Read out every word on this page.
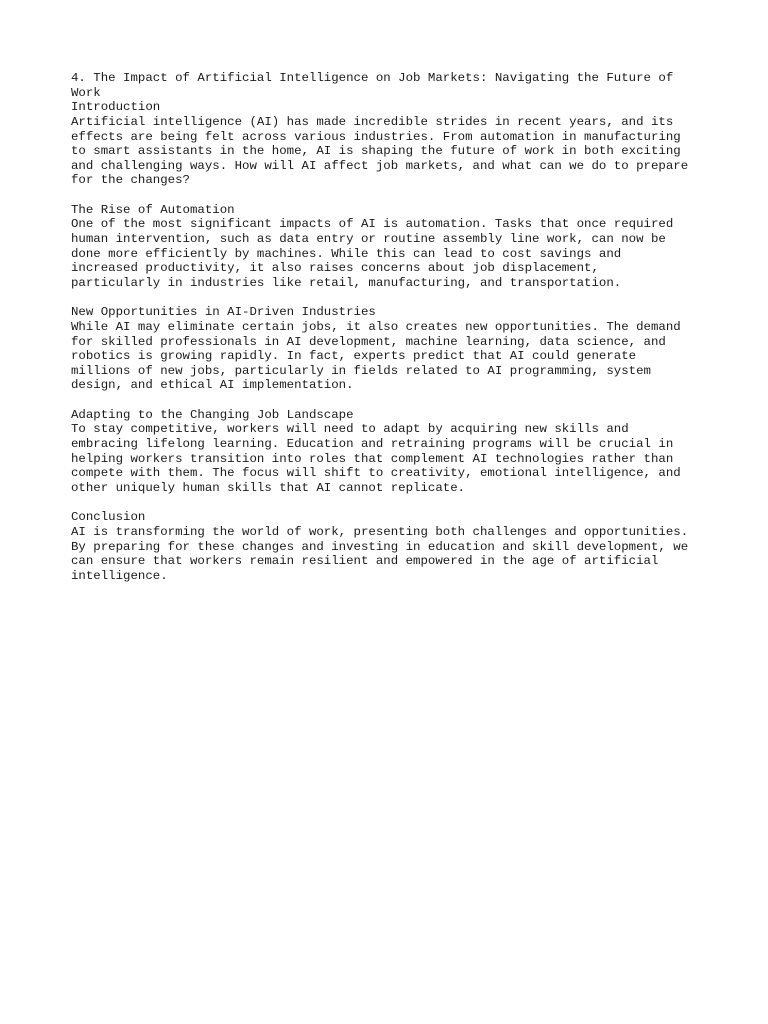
4. The Impact of Artificial Intelligence on Job Markets: Navigating the Future of
Work
Introduction
Artificial intelligence (AI) has made incredible strides in recent years, and its
effects are being felt across various industries. From automation in manufacturing
to smart assistants in the home, AI is shaping the future of work in both exciting
and challenging ways. How will AI affect job markets, and what can we do to prepare
for the changes?
The Rise of Automation
One of the most significant impacts of AI is automation. Tasks that once required
human intervention, such as data entry or routine assembly line work, can now be
done more efficiently by machines. While this can lead to cost savings and
increased productivity, it also raises concerns about job displacement,
particularly in industries like retail, manufacturing, and transportation.
New Opportunities in AI-Driven Industries
While AI may eliminate certain jobs, it also creates new opportunities. The demand
for skilled professionals in AI development, machine learning, data science, and
robotics is growing rapidly. In fact, experts predict that AI could generate
millions of new jobs, particularly in fields related to AI programming, system
design, and ethical AI implementation.
Adapting to the Changing Job Landscape
To stay competitive, workers will need to adapt by acquiring new skills and
embracing lifelong learning. Education and retraining programs will be crucial in
helping workers transition into roles that complement AI technologies rather than
compete with them. The focus will shift to creativity, emotional intelligence, and
other uniquely human skills that AI cannot replicate.
Conclusion
AI is transforming the world of work, presenting both challenges and opportunities.
By preparing for these changes and investing in education and skill development, we
can ensure that workers remain resilient and empowered in the age of artificial
intelligence.
